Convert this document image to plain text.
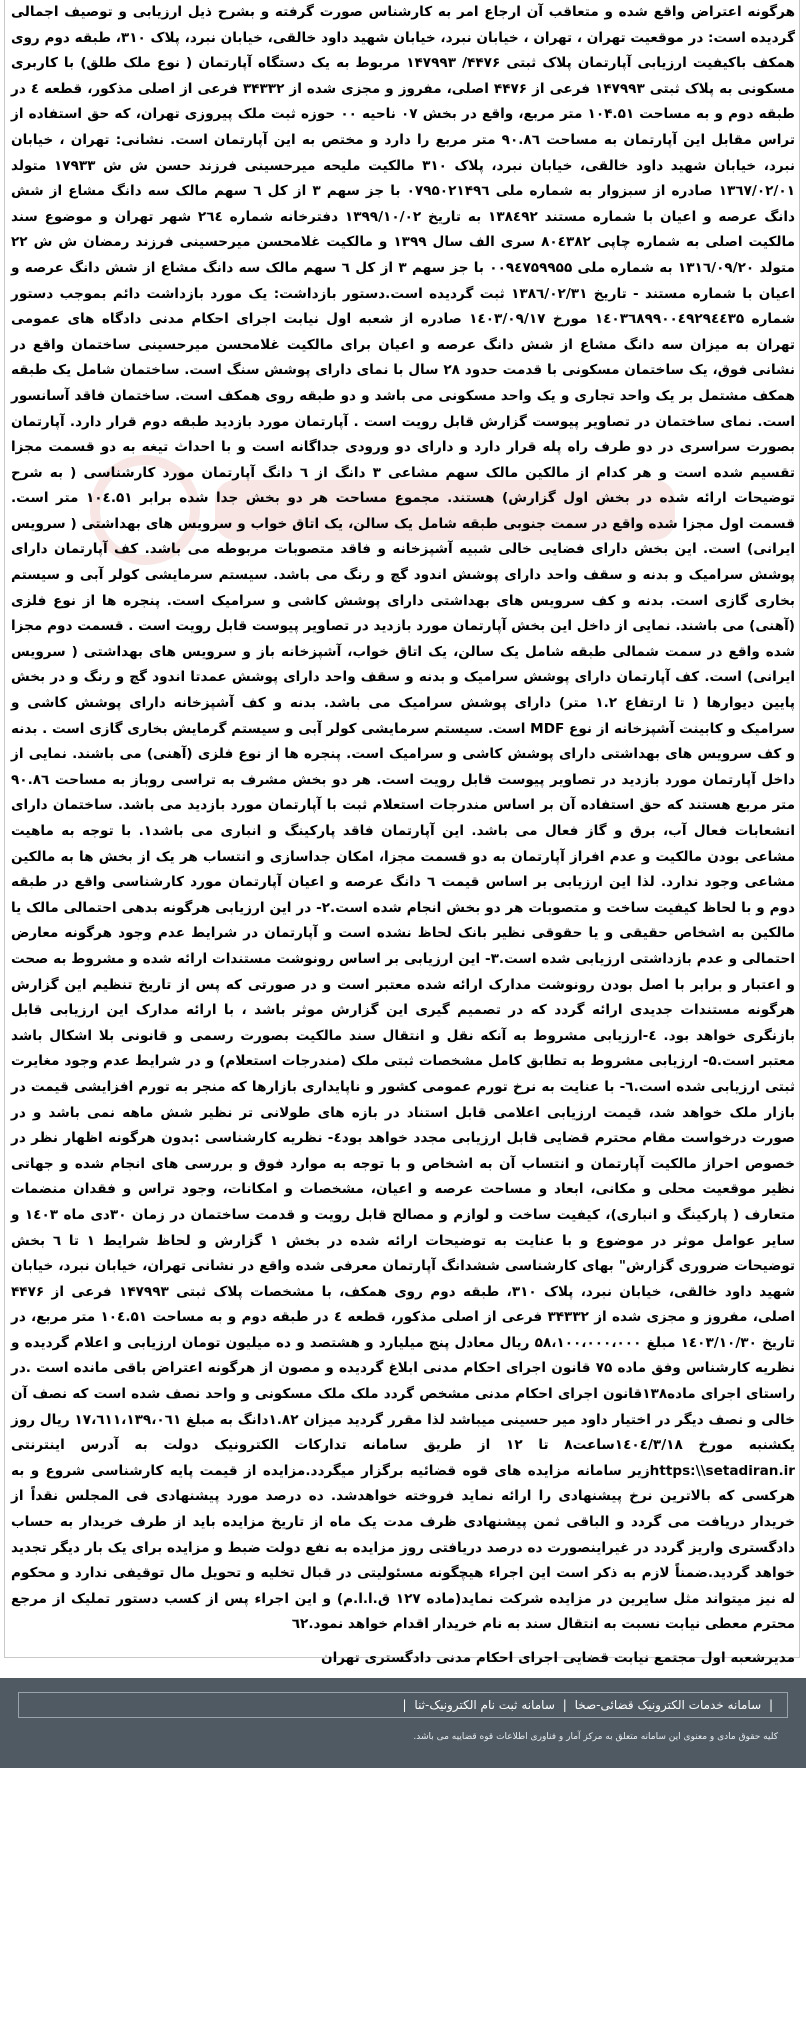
هرگونه اعتراض واقع شده و متعاقب آن ارجاع امر به کارشناس صورت گرفته و بشرح ذیل ارزیابی و توصیف اجمالی گردیده است: در موقعیت تهران ، تهران ، خیابان نبرد، خیابان شهید داود خالقی، خیابان نبرد، پلاک ۳۱۰، طبقه دوم روی همکف باکیفیت ارزیابی آپارتمان پلاک ثبتی ۴۴۷۶/ ۱۴۷۹۹۳ مربوط به یک دستگاه آپارتمان ( نوع ملک طلق) با کاربری مسکونی به پلاک ثبتی ۱۴۷۹۹۳ فرعی از ۴۴۷۶ اصلی، مفروز و مجزی شده از ۳۴۳۳۲ فرعی از اصلی مذکور، قطعه ٤ در طبقه دوم و به مساحت ۱۰۴.۵۱ متر مربع، واقع در بخش ۰۷ ناحیه ۰۰ حوزه ثبت ملک پیروزی تهران، که حق استفاده از تراس مقابل این آپارتمان به مساحت ۹۰.۸٦ متر مربع را دارد و مختص به این آپارتمان است. نشانی: تهران ، خیابان نبرد، خیابان شهید داود خالقی، خیابان نبرد، پلاک ۳۱۰ مالکیت ملیحه میرحسینی فرزند حسن ش ش ۱۷۹۳۳ متولد ۱۳٦۷/۰۲/۰۱ صادره از سبزوار به شماره ملی ۰۷۹۵۰۲۱۴۹٦ با جز سهم ۳ از کل ٦ سهم مالک سه دانگ مشاع از شش دانگ عرصه و اعیان با شماره مستند ۱۳۸٤۹۲ به تاریخ ۱۳۹۹/۱۰/۰۲ دفترخانه شماره ۲٦٤ شهر تهران و موضوع سند مالکیت اصلی به شماره چاپی ۸۰٤۳۸۲ سری الف سال ۱۳۹۹ و مالکیت غلامحسن میرحسینی فرزند رمضان ش ش ۲۲ متولد ۱۳۱٦/۰۹/۲۰ به شماره ملی ۰۰۹٤۷۵۹۹۵۵ با جز سهم ۳ از کل ٦ سهم مالک سه دانگ مشاع از شش دانگ عرصه و اعیان با شماره مستند - تاریخ ۱۳۸٦/۰۲/۳۱ ثبت گردیده است.دستور بازداشت: یک مورد بازداشت دائم بموجب دستور شماره ۱٤۰۳٦۸۹۹۰۰٤۹۲۹٤٤۳۵ مورخ ۱٤۰۳/۰۹/۱۷ صادره از شعبه اول نیابت اجرای احکام مدنی دادگاه های عمومی تهران به میزان سه دانگ مشاع از شش دانگ عرصه و اعیان برای مالکیت غلامحسن میرحسینی ساختمان واقع در نشانی فوق، یک ساختمان مسکونی با قدمت حدود ۲۸ سال با نمای دارای پوشش سنگ است. ساختمان شامل یک طبقه همکف مشتمل بر یک واحد تجاری و یک واحد مسکونی می باشد و دو طبقه روی همکف است. ساختمان فاقد آسانسور است. نمای ساختمان در تصاویر پیوست گزارش قابل رویت است . آپارتمان مورد بازدید طبقه دوم قرار دارد. آپارتمان بصورت سراسری در دو طرف راه پله قرار دارد و دارای دو ورودی جداگانه است و با احداث تیغه به دو قسمت مجزا تقسیم شده است و هر کدام از مالکین مالک سهم مشاعی ۳ دانگ از ٦ دانگ آپارتمان مورد کارشناسی ( به شرح توضیحات ارائه شده در بخش اول گزارش) هستند. مجموع مساحت هر دو بخش جدا شده برابر ۱۰٤.۵۱ متر است. قسمت اول مجزا شده واقع در سمت جنوبی طبقه شامل یک سالن، یک اتاق خواب و سرویس های بهداشتی ( سرویس ایرانی) است. این بخش دارای فضایی خالی شبیه آشپزخانه و فاقد متصوبات مربوطه می باشد. کف آپارتمان دارای پوشش سرامیک و بدنه و سقف واحد دارای پوشش اندود گچ و رنگ می باشد. سیستم سرمایشی کولر آبی و سیستم بخاری گازی است. بدنه و کف سرویس های بهداشتی دارای پوشش کاشی و سرامیک است. پنجره ها از نوع فلزی (آهنی) می باشند. نمایی از داخل این بخش آپارتمان مورد بازدید در تصاویر پیوست قابل رویت است . قسمت دوم مجزا شده واقع در سمت شمالی طبقه شامل یک سالن، یک اتاق خواب، آشپزخانه باز و سرویس های بهداشتی ( سرویس ایرانی) است. کف آپارتمان دارای پوشش سرامیک و بدنه و سقف واحد دارای پوشش عمدتا اندود گچ و رنگ و در بخش پایین دیوارها ( تا ارتفاع ۱.۲ متر) دارای پوشش سرامیک می باشد. بدنه و کف آشپزخانه دارای پوشش کاشی و سرامیک و کابینت آشپزخانه از نوع MDF است. سیستم سرمایشی کولر آبی و سیستم گرمایش بخاری گازی است . بدنه و کف سرویس های بهداشتی دارای پوشش کاشی و سرامیک است. پنجره ها از نوع فلزی (آهنی) می باشند. نمایی از داخل آپارتمان مورد بازدید در تصاویر پیوست قابل رویت است. هر دو بخش مشرف به تراسی روباز به مساحت ۹۰.۸٦ متر مربع هستند که حق استفاده آن بر اساس مندرجات استعلام ثبت با آپارتمان مورد بازدید می باشد. ساختمان دارای انشعابات فعال آب، برق و گاز فعال می باشد. این آپارتمان فاقد پارکینگ و انباری می باشد۱. با توجه به ماهیت مشاعی بودن مالکیت و عدم افراز آپارتمان به دو قسمت مجزا، امکان جداسازی و انتساب هر یک از بخش ها به مالکین مشاعی وجود ندارد. لذا این ارزیابی بر اساس قیمت ٦ دانگ عرصه و اعیان آپارتمان مورد کارشناسی واقع در طبقه دوم و با لحاظ کیفیت ساخت و متصوبات هر دو بخش انجام شده است.۲- در این ارزیابی هرگونه بدهی احتمالی مالک یا مالکین به اشخاص حقیقی و یا حقوقی نظیر بانک لحاظ نشده است و آپارتمان در شرایط عدم وجود هرگونه معارض احتمالی و عدم بازداشتی ارزیابی شده است.۳- این ارزیابی بر اساس رونوشت مستندات ارائه شده و مشروط به صحت و اعتبار و برابر با اصل بودن رونوشت مدارک ارائه شده معتبر است و در صورتی که پس از تاریخ تنظیم این گزارش هرگونه مستندات جدیدی ارائه گردد که در تصمیم گیری این گزارش موثر باشد ، با ارائه مدارک این ارزیابی قابل بازنگری خواهد بود. ٤-ارزیابی مشروط به آنکه نقل و انتقال سند مالکیت بصورت رسمی و قانونی بلا اشکال باشد معتبر است.۵- ارزیابی مشروط به تطابق کامل مشخصات ثبتی ملک (مندرجات استعلام) و در شرایط عدم وجود مغایرت ثبتی ارزیابی شده است.٦- با عنایت به نرخ تورم عمومی کشور و ناپایداری بازارها که منجر به تورم افزایشی قیمت در بازار ملک خواهد شد، قیمت ارزیابی اعلامی قابل استناد در بازه های طولانی تر نظیر شش ماهه نمی باشد و در صورت درخواست مقام محترم قضایی قابل ارزیابی مجدد خواهد بود٤- نظریه کارشناسی :بدون هرگونه اظهار نظر در خصوص احراز مالکیت آپارتمان و انتساب آن به اشخاص و با توجه به موارد فوق و بررسی های انجام شده و جهاتی نظیر موقعیت محلی و مکانی، ابعاد و مساحت عرصه و اعیان، مشخصات و امکانات، وجود تراس و فقدان منضمات متعارف ( پارکینگ و انباری)، کیفیت ساخت و لوازم و مصالح قابل رویت و قدمت ساختمان در زمان ۳۰دی ماه ۱٤۰۳ و سایر عوامل موثر در موضوع و با عنایت به توضیحات ارائه شده در بخش ۱ گزارش و لحاظ شرایط ۱ تا ٦ بخش توضیحات ضروری گزارش" بهای کارشناسی ششدانگ آپارتمان معرفی شده واقع در نشانی تهران، خیابان نبرد، خیابان شهید داود خالقی، خیابان نبرد، پلاک ۳۱۰، طبقه دوم روی همکف، با مشخصات پلاک ثبتی ۱۴۷۹۹۳ فرعی از ۴۴۷۶ اصلی، مفروز و مجزی شده از ۳۴۳۳۲ فرعی از اصلی مذکور، قطعه ٤ در طبقه دوم و به مساحت ۱۰٤.۵۱ متر مربع، در تاریخ ۱٤۰۳/۱۰/۳۰ مبلغ ۵۸،۱۰۰،۰۰۰،۰۰۰ ریال معادل پنج میلیارد و هشتصد و ده میلیون تومان ارزیابی و اعلام گردیده و نظریه کارشناس وفق ماده ۷۵ قانون اجرای احکام مدنی ابلاغ گردیده و مصون از هرگونه اعتراض باقی مانده است .در راستای اجرای ماده۱۳۸قانون اجرای احکام مدنی مشخص گردد ملک ملک مسکونی و واحد نصف شده است که نصف آن خالی و نصف دیگر در اختیار داود میر حسینی میباشد لذا مقرر گردید میزان ۱.۸۲دانگ به مبلغ ۱۷،٦۱۱،۱۳۹،۰٦۱ ریال روز یکشنبه مورخ ۱٤۰٤/۳/۱۸ساعت۸ تا ۱۲ از طریق سامانه تدارکات الکترونیک دولت به آدرس اینترنتی https:\\setadiran.irزیر سامانه مزایده های قوه قضائیه برگزار میگردد.مزایده از قیمت پایه کارشناسی شروع و به هرکسی که بالاترین نرخ پیشنهادی را ارائه نماید فروخته خواهدشد. ده درصد مورد پیشنهادی فی المجلس نقداً از خریدار دریافت می گردد و الباقی ثمن پیشنهادی ظرف مدت یک ماه از تاریخ مزایده باید از طرف خریدار به حساب دادگستری واریز گردد در غیراینصورت ده درصد دریافتی روز مزایده به نفع دولت ضبط و مزایده برای یک بار دیگر تجدید خواهد گردید.ضمناً لازم به ذکر است این اجراء هیچگونه مسئولیتی در قبال تخلیه و تحویل مال توقیفی ندارد و محکوم له نیز میتواند مثل سایرین در مزایده شرکت نماید(ماده ۱۲۷ ق.ا.ا.م) و این اجراء پس از کسب دستور تملیک از مرجع محترم معطی نیابت نسبت به انتقال سند به نام خریدار اقدام خواهد نمود.٦۲

مدیرشعبه اول مجتمع نیابت قضایی اجرای احکام مدنی دادگستری تهران

| سامانه خدمات الکترونیک قضائی-صخا | سامانه ثبت نام الکترونیک-ثنا |
کلیه حقوق مادی و معنوی این سامانه متعلق به مرکز آمار و فناوری اطلاعات قوه قضاییه می باشد.
